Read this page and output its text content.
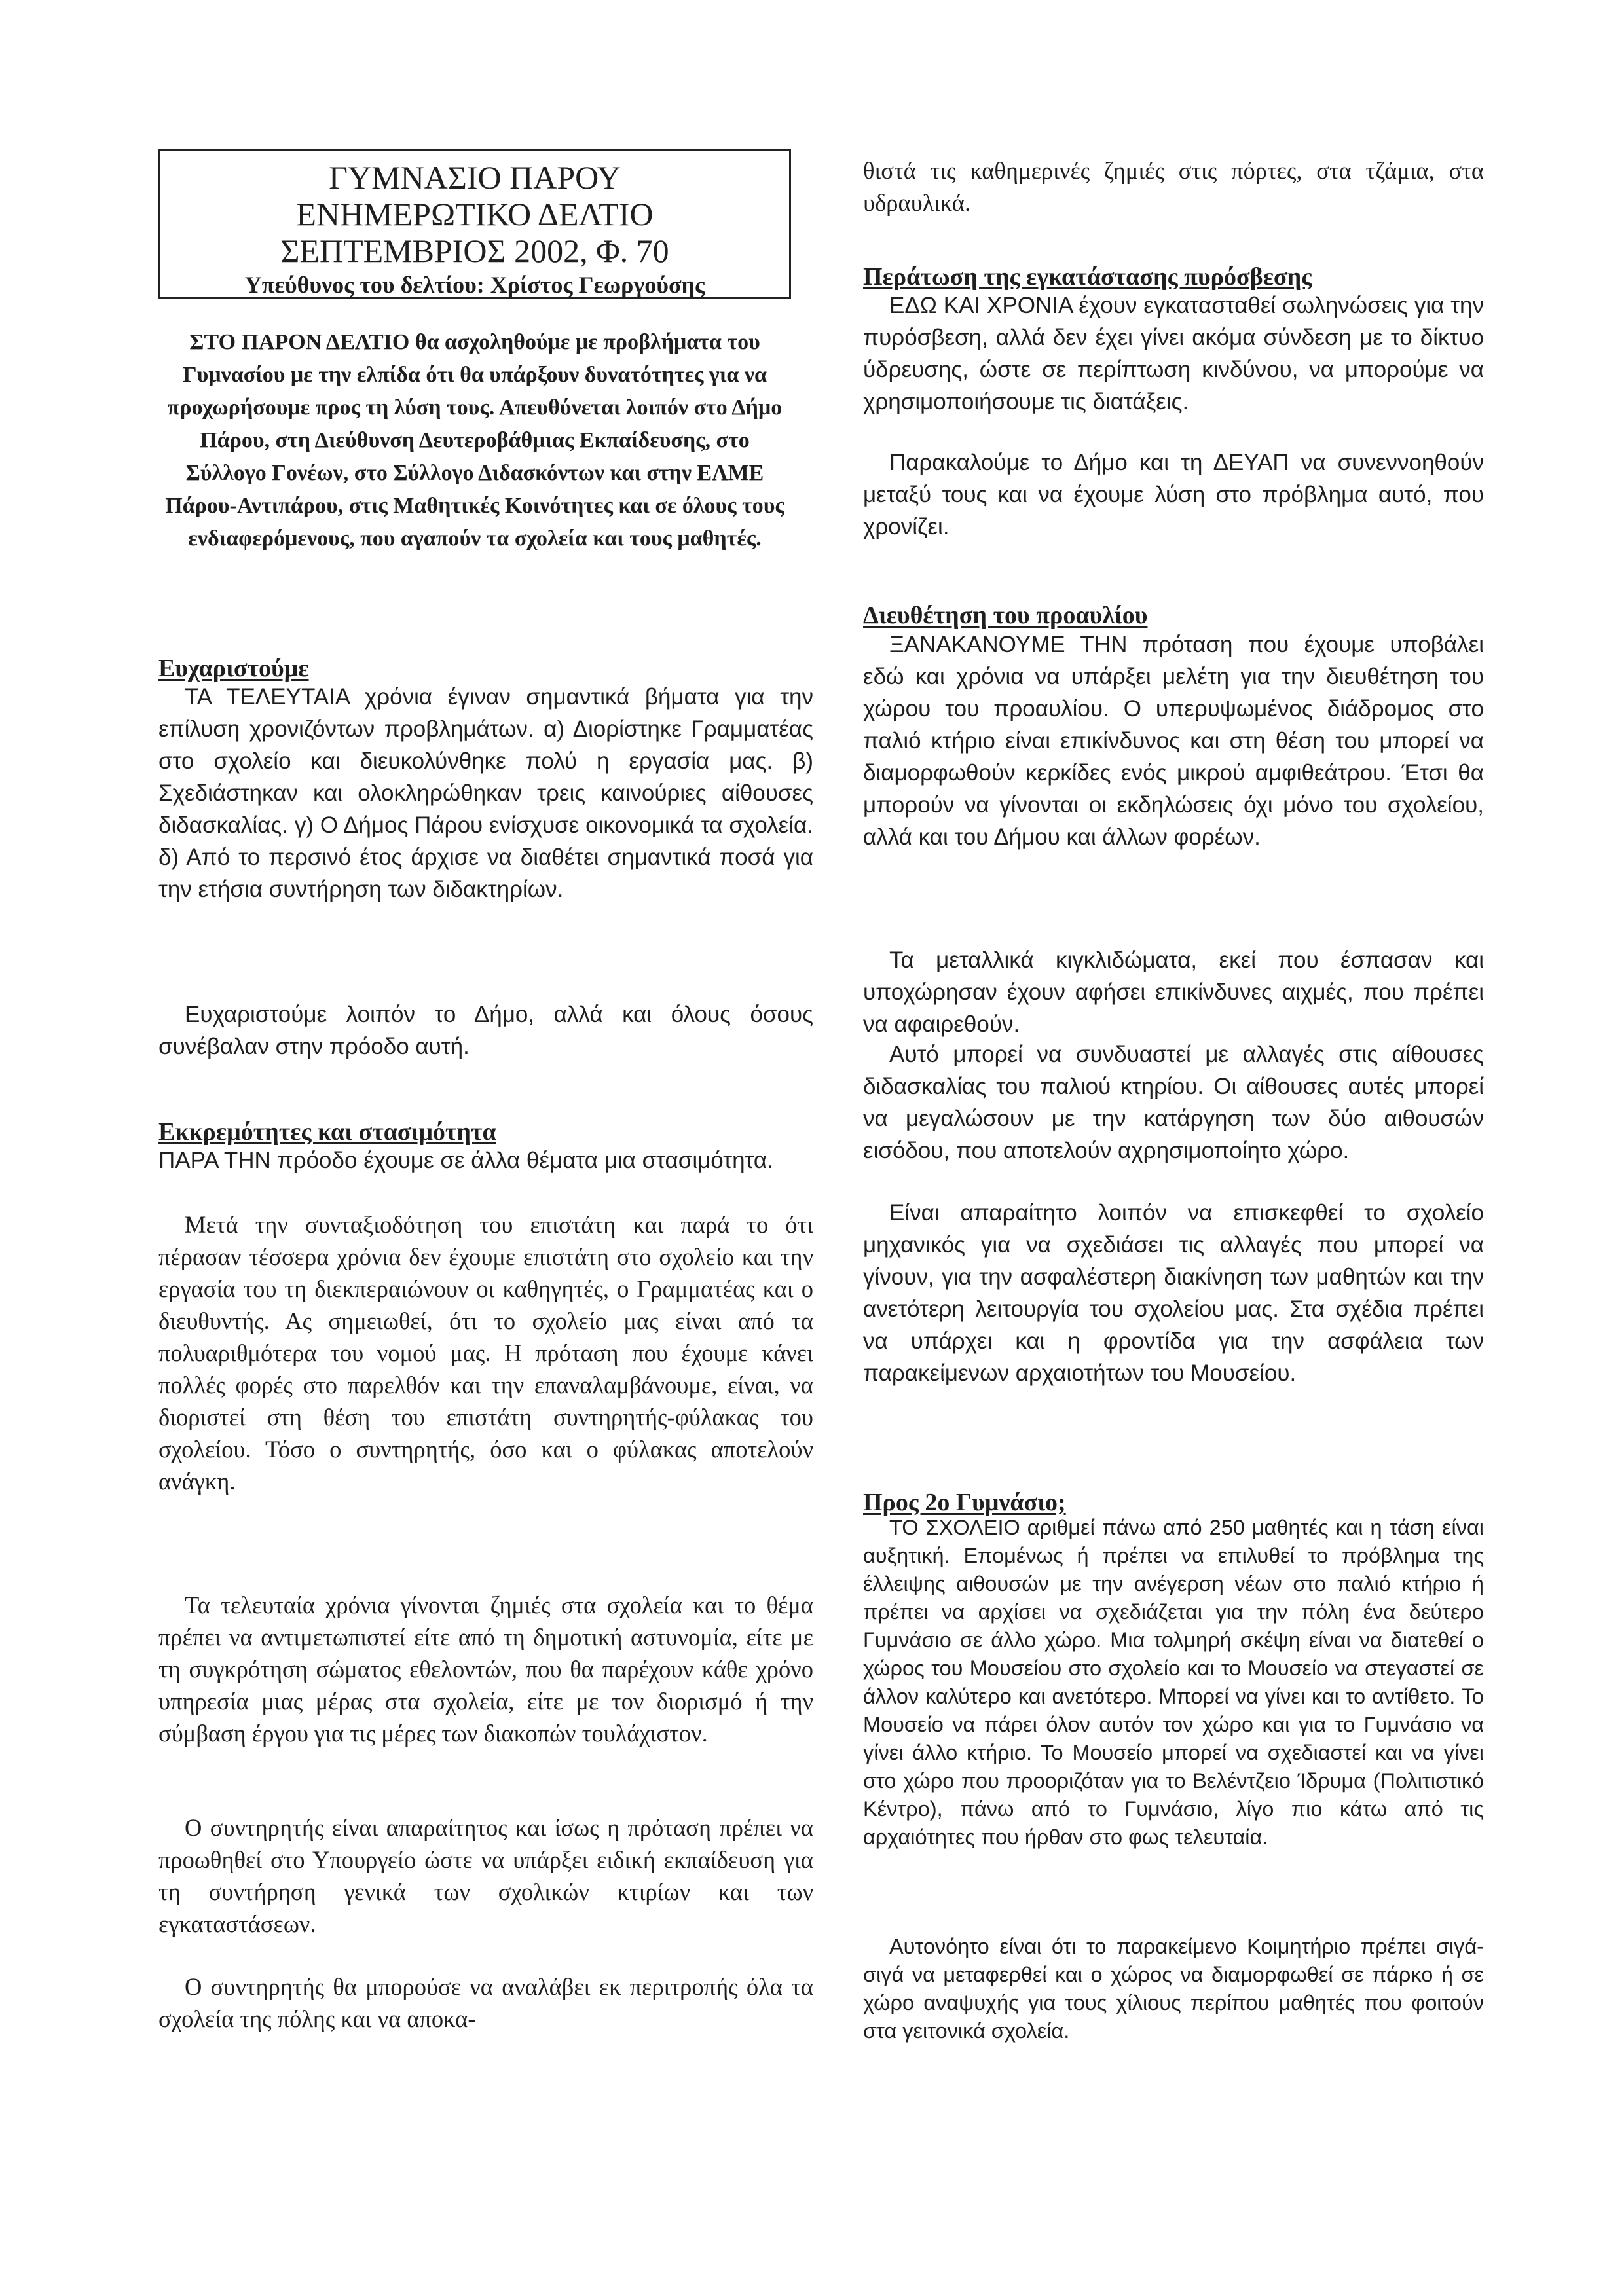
ΓΥΜΝΑΣΙΟ ΠΑΡΟΥ
ΕΝΗΜΕΡΩΤΙΚΟ ΔΕΛΤΙΟ
ΣΕΠΤΕΜΒΡΙΟΣ 2002, Φ. 70
Υπεύθυνος του δελτίου: Χρίστος Γεωργούσης
ΣΤΟ ΠΑΡΟΝ ΔΕΛΤΙΟ θα ασχοληθούμε με προβλήματα του Γυμνασίου με την ελπίδα ότι θα υπάρξουν δυνατότητες για να προχωρήσουμε προς τη λύση τους. Απευθύνεται λοιπόν στο Δήμο Πάρου, στη Διεύθυνση Δευτεροβάθμιας Εκπαίδευσης, στο Σύλλογο Γονέων, στο Σύλλογο Διδασκόντων και στην ΕΛΜΕ Πάρου-Αντιπάρου, στις Μαθητικές Κοινότητες και σε όλους τους ενδιαφερόμενους, που αγαπούν τα σχολεία και τους μαθητές.
Ευχαριστούμε
ΤΑ ΤΕΛΕΥΤΑΙΑ χρόνια έγιναν σημαντικά βήματα για την επίλυση χρονιζόντων προβλημάτων. α) Διορίστηκε Γραμματέας στο σχολείο και διευκολύνθηκε πολύ η εργασία μας. β) Σχεδιάστηκαν και ολοκληρώθηκαν τρεις καινούριες αίθουσες διδασκαλίας. γ) Ο Δήμος Πάρου ενίσχυσε οικονομικά τα σχολεία. δ) Από το περσινό έτος άρχισε να διαθέτει σημαντικά ποσά για την ετήσια συντήρηση των διδακτηρίων.
Ευχαριστούμε λοιπόν το Δήμο, αλλά και όλους όσους συνέβαλαν στην πρόοδο αυτή.
Εκκρεμότητες και στασιμότητα
ΠΑΡΑ ΤΗΝ πρόοδο έχουμε σε άλλα θέματα μια στασιμότητα.
Μετά την συνταξιοδότηση του επιστάτη και παρά το ότι πέρασαν τέσσερα χρόνια δεν έχουμε επιστάτη στο σχολείο και την εργασία του τη διεκπεραιώνουν οι καθηγητές, ο Γραμματέας και ο διευθυντής. Ας σημειωθεί, ότι το σχολείο μας είναι από τα πολυαριθμότερα του νομού μας. Η πρόταση που έχουμε κάνει πολλές φορές στο παρελθόν και την επαναλαμβάνουμε, είναι, να διοριστεί στη θέση του επιστάτη συντηρητής-φύλακας του σχολείου. Τόσο ο συντηρητής, όσο και ο φύλακας αποτελούν ανάγκη.
Τα τελευταία χρόνια γίνονται ζημιές στα σχολεία και το θέμα πρέπει να αντιμετωπιστεί είτε από τη δημοτική αστυνομία, είτε με τη συγκρότηση σώματος εθελοντών, που θα παρέχουν κάθε χρόνο υπηρεσία μιας μέρας στα σχολεία, είτε με τον διορισμό ή την σύμβαση έργου για τις μέρες των διακοπών τουλάχιστον.
Ο συντηρητής είναι απαραίτητος και ίσως η πρόταση πρέπει να προωθηθεί στο Υπουργείο ώστε να υπάρξει ειδική εκπαίδευση για τη συντήρηση γενικά των σχολικών κτιρίων και των εγκαταστάσεων.
Ο συντηρητής θα μπορούσε να αναλάβει εκ περιτροπής όλα τα σχολεία της πόλης και να αποκα-
θιστά τις καθημερινές ζημιές στις πόρτες, στα τζάμια, στα υδραυλικά.
Περάτωση της εγκατάστασης πυρόσβεσης
ΕΔΩ ΚΑΙ ΧΡΟΝΙΑ έχουν εγκατασταθεί σωληνώσεις για την πυρόσβεση, αλλά δεν έχει γίνει ακόμα σύνδεση με το δίκτυο ύδρευσης, ώστε σε περίπτωση κινδύνου, να μπορούμε να χρησιμοποιήσουμε τις διατάξεις.
Παρακαλούμε το Δήμο και τη ΔΕΥΑΠ να συνεννοηθούν μεταξύ τους και να έχουμε λύση στο πρόβλημα αυτό, που χρονίζει.
Διευθέτηση του προαυλίου
ΞΑΝΑΚΑΝΟΥΜΕ ΤΗΝ πρόταση που έχουμε υποβάλει εδώ και χρόνια να υπάρξει μελέτη για την διευθέτηση του χώρου του προαυλίου. Ο υπερυψωμένος διάδρομος στο παλιό κτήριο είναι επικίνδυνος και στη θέση του μπορεί να διαμορφωθούν κερκίδες ενός μικρού αμφιθεάτρου. Έτσι θα μπορούν να γίνονται οι εκδηλώσεις όχι μόνο του σχολείου, αλλά και του Δήμου και άλλων φορέων.
Τα μεταλλικά κιγκλιδώματα, εκεί που έσπασαν και υποχώρησαν έχουν αφήσει επικίνδυνες αιχμές, που πρέπει να αφαιρεθούν.
Αυτό μπορεί να συνδυαστεί με αλλαγές στις αίθουσες διδασκαλίας του παλιού κτηρίου. Οι αίθουσες αυτές μπορεί να μεγαλώσουν με την κατάργηση των δύο αιθουσών εισόδου, που αποτελούν αχρησιμοποίητο χώρο.
Είναι απαραίτητο λοιπόν να επισκεφθεί το σχολείο μηχανικός για να σχεδιάσει τις αλλαγές που μπορεί να γίνουν, για την ασφαλέστερη διακίνηση των μαθητών και την ανετότερη λειτουργία του σχολείου μας. Στα σχέδια πρέπει να υπάρχει και η φροντίδα για την ασφάλεια των παρακείμενων αρχαιοτήτων του Μουσείου.
Προς 2ο Γυμνάσιο;
ΤΟ ΣΧΟΛΕΙΟ αριθμεί πάνω από 250 μαθητές και η τάση είναι αυξητική. Επομένως ή πρέπει να επιλυθεί το πρόβλημα της έλλειψης αιθουσών με την ανέγερση νέων στο παλιό κτήριο ή πρέπει να αρχίσει να σχεδιάζεται για την πόλη ένα δεύτερο Γυμνάσιο σε άλλο χώρο. Μια τολμηρή σκέψη είναι να διατεθεί ο χώρος του Μουσείου στο σχολείο και το Μουσείο να στεγαστεί σε άλλον καλύτερο και ανετότερο. Μπορεί να γίνει και το αντίθετο. Το Μουσείο να πάρει όλον αυτόν τον χώρο και για το Γυμνάσιο να γίνει άλλο κτήριο. Το Μουσείο μπορεί να σχεδιαστεί και να γίνει στο χώρο που προοριζόταν για το Βελέντζειο Ίδρυμα (Πολιτιστικό Κέντρο), πάνω από το Γυμνάσιο, λίγο πιο κάτω από τις αρχαιότητες που ήρθαν στο φως τελευταία.
Αυτονόητο είναι ότι το παρακείμενο Κοιμητήριο πρέπει σιγά-σιγά να μεταφερθεί και ο χώρος να διαμορφωθεί σε πάρκο ή σε χώρο αναψυχής για τους χίλιους περίπου μαθητές που φοιτούν στα γειτονικά σχολεία.
